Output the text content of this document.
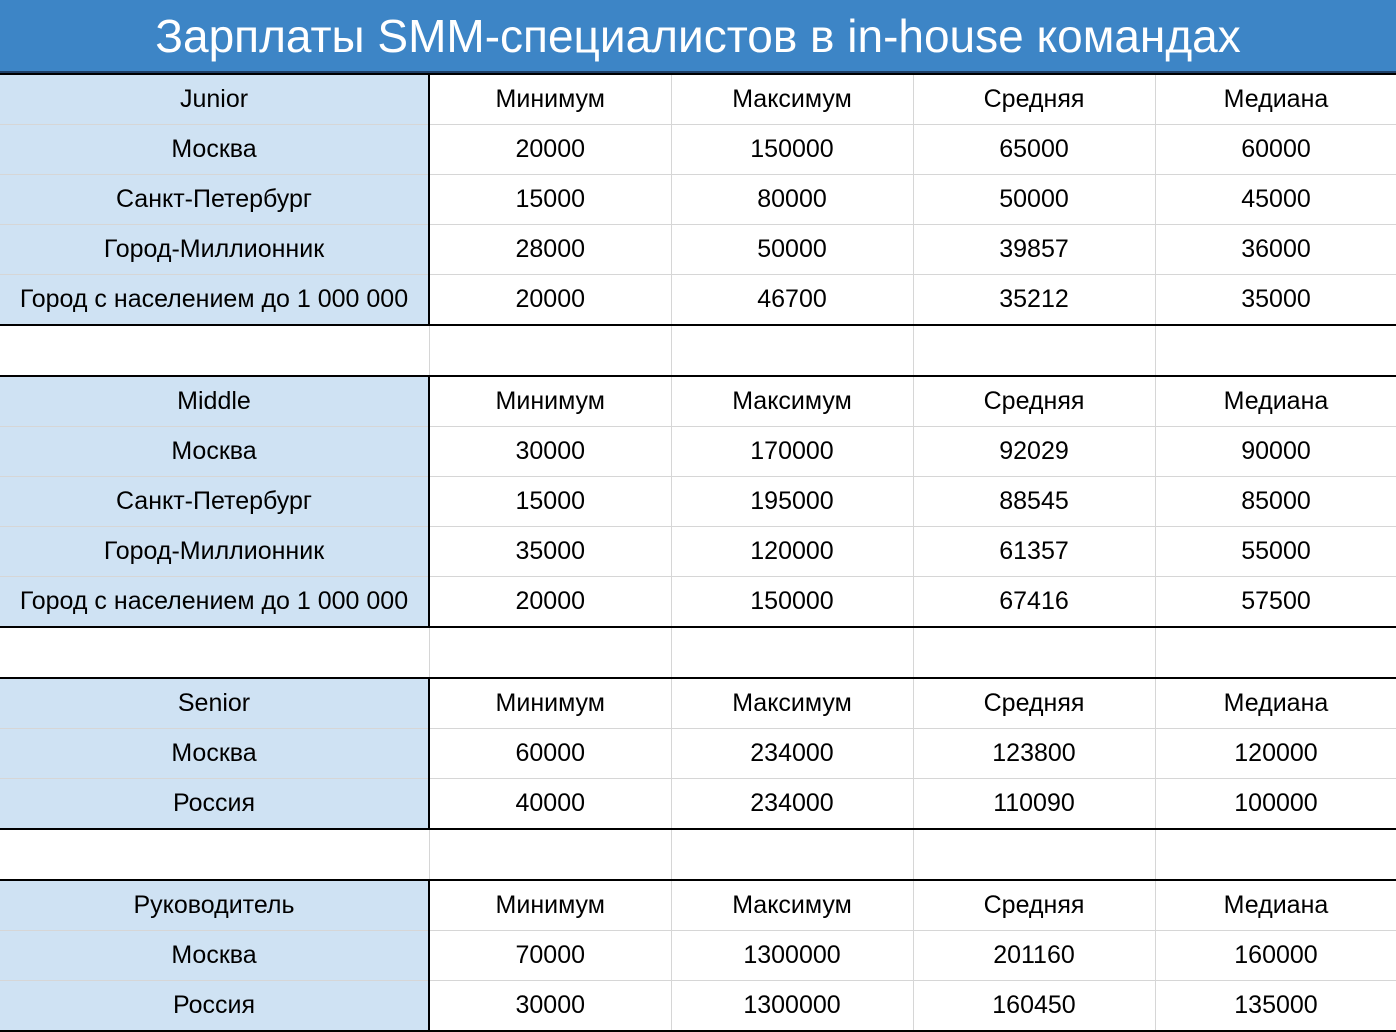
Зарплаты SMM-специалистов в in-house командах
Junior	Минимум	Максимум	Средняя	Медиана
Москва	20000	150000	65000	60000
Санкт-Петербург	15000	80000	50000	45000
Город-Миллионник	28000	50000	39857	36000
Город с населением до 1 000 000	20000	46700	35212	35000

Middle	Минимум	Максимум	Средняя	Медиана
Москва	30000	170000	92029	90000
Санкт-Петербург	15000	195000	88545	85000
Город-Миллионник	35000	120000	61357	55000
Город с населением до 1 000 000	20000	150000	67416	57500

Senior	Минимум	Максимум	Средняя	Медиана
Москва	60000	234000	123800	120000
Россия	40000	234000	110090	100000

Руководитель	Минимум	Максимум	Средняя	Медиана
Москва	70000	1300000	201160	160000
Россия	30000	1300000	160450	135000
